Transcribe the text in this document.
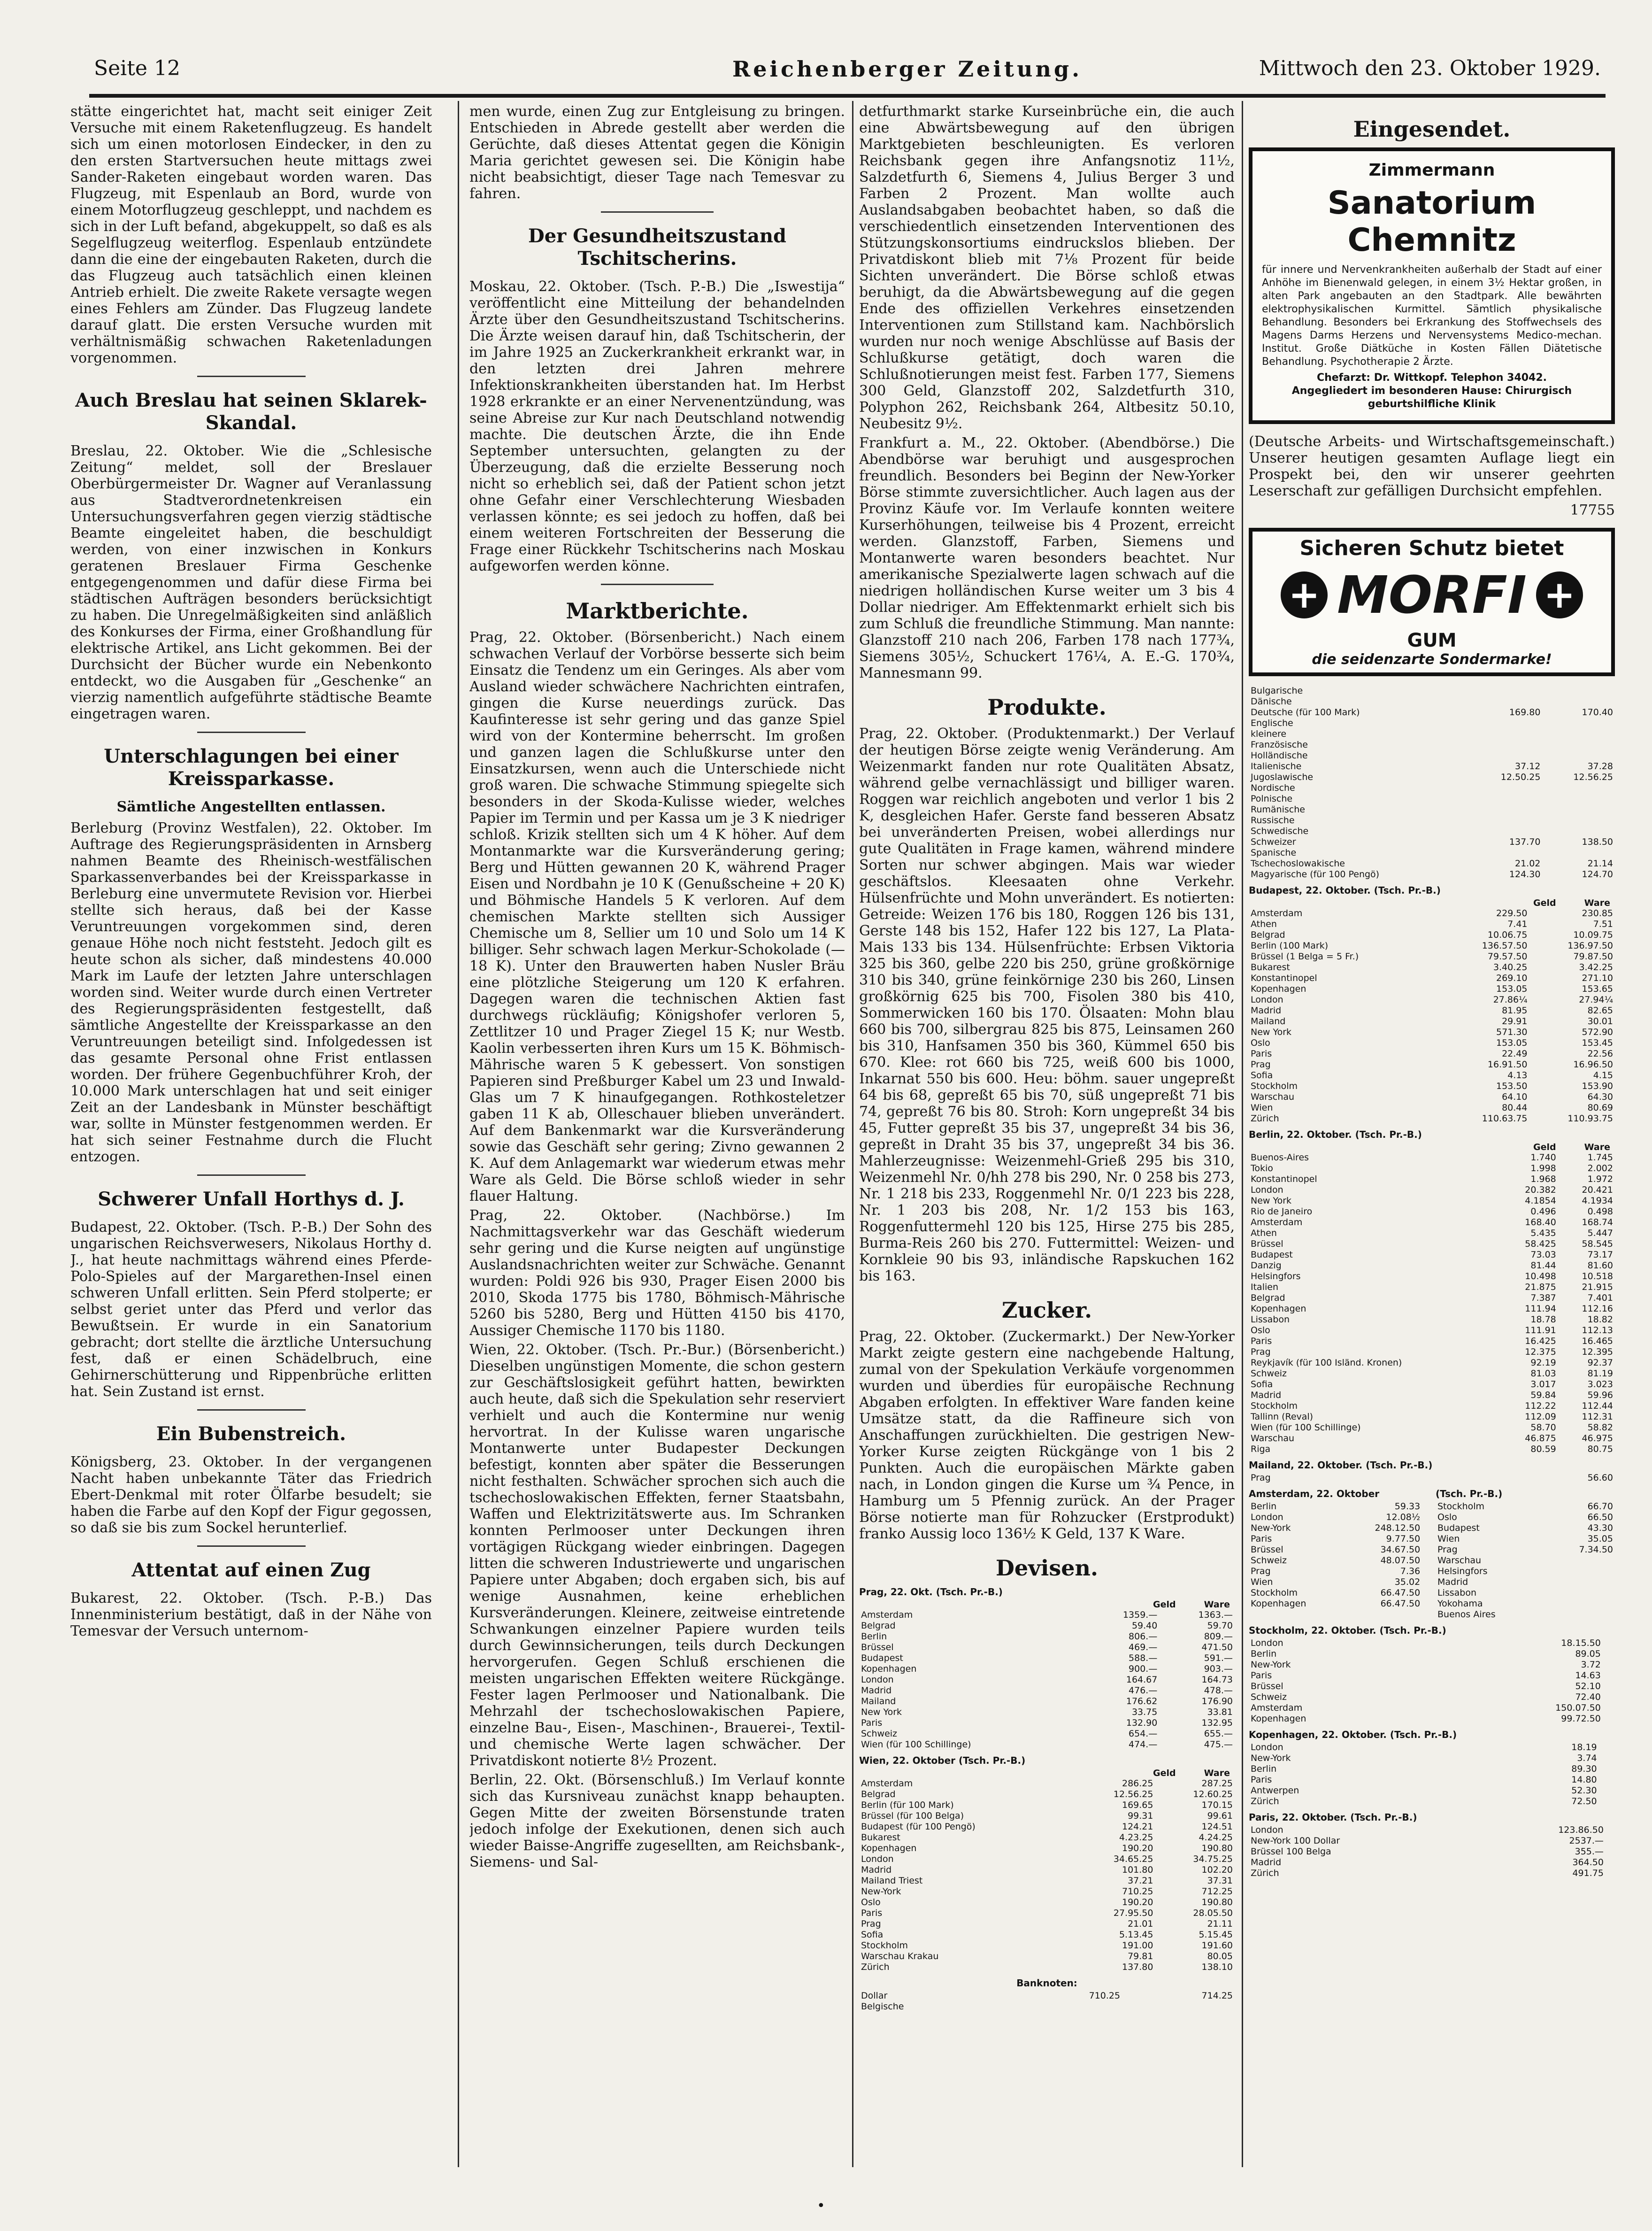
Seite 12	Reichenberger Zeitung.	Mittwoch den 23. Oktober 1929.

stätte eingerichtet hat, macht seit einiger Zeit Versuche mit einem Raketenflugzeug. Es handelt sich um einen motorlosen Eindecker, in den zu den ersten Startversuchen heute mittags zwei Sander-Raketen eingebaut worden waren. Das Flugzeug, mit Espenlaub an Bord, wurde von einem Motorflugzeug geschleppt, und nachdem es sich in der Luft befand, abgekuppelt, so daß es als Segelflugzeug weiterflog. Espenlaub entzündete dann die eine der eingebauten Raketen, durch die das Flugzeug auch tatsächlich einen kleinen Antrieb erhielt. Die zweite Rakete versagte wegen eines Fehlers am Zünder. Das Flugzeug landete darauf glatt. Die ersten Versuche wurden mit verhältnismäßig schwachen Raketenladungen vorgenommen.

Auch Breslau hat seinen Sklarek-Skandal.

Breslau, 22. Oktober. Wie die „Schlesische Zeitung“ meldet, soll der Breslauer Oberbürgermeister Dr. Wagner auf Veranlassung aus Stadtverordnetenkreisen ein Untersuchungsverfahren gegen vierzig städtische Beamte eingeleitet haben, die beschuldigt werden, von einer inzwischen in Konkurs geratenen Breslauer Firma Geschenke entgegengenommen und dafür diese Firma bei städtischen Aufträgen besonders berücksichtigt zu haben. Die Unregelmäßigkeiten sind anläßlich des Konkurses der Firma, einer Großhandlung für elektrische Artikel, ans Licht gekommen. Bei der Durchsicht der Bücher wurde ein Nebenkonto entdeckt, wo die Ausgaben für „Geschenke“ an vierzig namentlich aufgeführte städtische Beamte eingetragen waren.

Unterschlagungen bei einer Kreissparkasse.
Sämtliche Angestellten entlassen.

Berleburg (Provinz Westfalen), 22. Oktober. Im Auftrage des Regierungspräsidenten in Arnsberg nahmen Beamte des Rheinisch-westfälischen Sparkassenverbandes bei der Kreissparkasse in Berleburg eine unvermutete Revision vor. Hierbei stellte sich heraus, daß bei der Kasse Veruntreuungen vorgekommen sind, deren genaue Höhe noch nicht feststeht. Jedoch gilt es heute schon als sicher, daß mindestens 40.000 Mark im Laufe der letzten Jahre unterschlagen worden sind. Weiter wurde durch einen Vertreter des Regierungspräsidenten festgestellt, daß sämtliche Angestellte der Kreissparkasse an den Veruntreuungen beteiligt sind. Infolgedessen ist das gesamte Personal ohne Frist entlassen worden. Der frühere Gegenbuchführer Kroh, der 10.000 Mark unterschlagen hat und seit einiger Zeit an der Landesbank in Münster beschäftigt war, sollte in Münster festgenommen werden. Er hat sich seiner Festnahme durch die Flucht entzogen.

Schwerer Unfall Horthys d. J.

Budapest, 22. Oktober. (Tsch. P.-B.) Der Sohn des ungarischen Reichsverwesers, Nikolaus Horthy d. J., hat heute nachmittags während eines Pferde-Polo-Spieles auf der Margarethen-Insel einen schweren Unfall erlitten. Sein Pferd stolperte; er selbst geriet unter das Pferd und verlor das Bewußtsein. Er wurde in ein Sanatorium gebracht; dort stellte die ärztliche Untersuchung fest, daß er einen Schädelbruch, eine Gehirnerschütterung und Rippenbrüche erlitten hat. Sein Zustand ist ernst.

Ein Bubenstreich.

Königsberg, 23. Oktober. In der vergangenen Nacht haben unbekannte Täter das Friedrich Ebert-Denkmal mit roter Ölfarbe besudelt; sie haben die Farbe auf den Kopf der Figur gegossen, so daß sie bis zum Sockel herunterlief.

Attentat auf einen Zug

Bukarest, 22. Oktober. (Tsch. P.-B.) Das Innenministerium bestätigt, daß in der Nähe von Temesvar der Versuch unternom-

men wurde, einen Zug zur Entgleisung zu bringen. Entschieden in Abrede gestellt aber werden die Gerüchte, daß dieses Attentat gegen die Königin Maria gerichtet gewesen sei. Die Königin habe nicht beabsichtigt, dieser Tage nach Temesvar zu fahren.

Der Gesundheitszustand Tschitscherins.

Moskau, 22. Oktober. (Tsch. P.-B.) Die „Iswestija“ veröffentlicht eine Mitteilung der behandelnden Ärzte über den Gesundheitszustand Tschitscherins. Die Ärzte weisen darauf hin, daß Tschitscherin, der im Jahre 1925 an Zuckerkrankheit erkrankt war, in den letzten drei Jahren mehrere Infektionskrankheiten überstanden hat. Im Herbst 1928 erkrankte er an einer Nervenentzündung, was seine Abreise zur Kur nach Deutschland notwendig machte. Die deutschen Ärzte, die ihn Ende September untersuchten, gelangten zu der Überzeugung, daß die erzielte Besserung noch nicht so erheblich sei, daß der Patient schon jetzt ohne Gefahr einer Verschlechterung Wiesbaden verlassen könnte; es sei jedoch zu hoffen, daß bei einem weiteren Fortschreiten der Besserung die Frage einer Rückkehr Tschitscherins nach Moskau aufgeworfen werden könne.

Marktberichte.

Prag, 22. Oktober. (Börsenbericht.) Nach einem schwachen Verlauf der Vorbörse besserte sich beim Einsatz die Tendenz um ein Geringes. Als aber vom Ausland wieder schwächere Nachrichten eintrafen, gingen die Kurse neuerdings zurück. Das Kaufinteresse ist sehr gering und das ganze Spiel wird von der Kontermine beherrscht. Im großen und ganzen lagen die Schlußkurse unter den Einsatzkursen, wenn auch die Unterschiede nicht groß waren. Die schwache Stimmung spiegelte sich besonders in der Skoda-Kulisse wieder, welches Papier im Termin und per Kassa um je 3 K niedriger schloß. Krizik stellten sich um 4 K höher. Auf dem Montanmarkte war die Kursveränderung gering; Berg und Hütten gewannen 20 K, während Prager Eisen und Nordbahn je 10 K (Genußscheine + 20 K) und Böhmische Handels 5 K verloren. Auf dem chemischen Markte stellten sich Aussiger Chemische um 8, Sellier um 10 und Solo um 14 K billiger. Sehr schwach lagen Merkur-Schokolade (— 18 K). Unter den Brauwerten haben Nusler Bräu eine plötzliche Steigerung um 120 K erfahren. Dagegen waren die technischen Aktien fast durchwegs rückläufig; Königshofer verloren 5, Zettlitzer 10 und Prager Ziegel 15 K; nur Westb. Kaolin verbesserten ihren Kurs um 15 K. Böhmisch-Mährische waren 5 K gebessert. Von sonstigen Papieren sind Preßburger Kabel um 23 und Inwald-Glas um 7 K hinaufgegangen. Rothkosteletzer gaben 11 K ab, Olleschauer blieben unverändert. Auf dem Bankenmarkt war die Kursveränderung sowie das Geschäft sehr gering; Zivno gewannen 2 K. Auf dem Anlagemarkt war wiederum etwas mehr Ware als Geld. Die Börse schloß wieder in sehr flauer Haltung.

Prag, 22. Oktober. (Nachbörse.) Im Nachmittagsverkehr war das Geschäft wiederum sehr gering und die Kurse neigten auf ungünstige Auslandsnachrichten weiter zur Schwäche. Genannt wurden: Poldi 926 bis 930, Prager Eisen 2000 bis 2010, Skoda 1775 bis 1780, Böhmisch-Mährische 5260 bis 5280, Berg und Hütten 4150 bis 4170, Aussiger Chemische 1170 bis 1180.

Wien, 22. Oktober. (Tsch. Pr.-Bur.) (Börsenbericht.) Dieselben ungünstigen Momente, die schon gestern zur Geschäftslosigkeit geführt hatten, bewirkten auch heute, daß sich die Spekulation sehr reserviert verhielt und auch die Kontermine nur wenig hervortrat. In der Kulisse waren ungarische Montanwerte unter Budapester Deckungen befestigt, konnten aber später die Besserungen nicht festhalten. Schwächer sprochen sich auch die tschechoslowakischen Effekten, ferner Staatsbahn, Waffen und Elektrizitätswerte aus. Im Schranken konnten Perlmooser unter Deckungen ihren vortägigen Rückgang wieder einbringen. Dagegen litten die schweren Industriewerte und ungarischen Papiere unter Abgaben; doch ergaben sich, bis auf wenige Ausnahmen, keine erheblichen Kursveränderungen. Kleinere, zeitweise eintretende Schwankungen einzelner Papiere wurden teils durch Gewinnsicherungen, teils durch Deckungen hervorgerufen. Gegen Schluß erschienen die meisten ungarischen Effekten weitere Rückgänge. Fester lagen Perlmooser und Nationalbank. Die Mehrzahl der tschechoslowakischen Papiere, einzelne Bau-, Eisen-, Maschinen-, Brauerei-, Textil- und chemische Werte lagen schwächer. Der Privatdiskont notierte 8½ Prozent.

Berlin, 22. Okt. (Börsenschluß.) Im Verlauf konnte sich das Kursniveau zunächst knapp behaupten. Gegen Mitte der zweiten Börsenstunde traten jedoch infolge der Exekutionen, denen sich auch wieder Baisse-Angriffe zugesellten, am Reichsbank-, Siemens- und Sal-

detfurthmarkt starke Kurseinbrüche ein, die auch eine Abwärtsbewegung auf den übrigen Marktgebieten beschleunigten. Es verloren Reichsbank gegen ihre Anfangsnotiz 11½, Salzdetfurth 6, Siemens 4, Julius Berger 3 und Farben 2 Prozent. Man wollte auch Auslandsabgaben beobachtet haben, so daß die verschiedentlich einsetzenden Interventionen des Stützungskonsortiums eindruckslos blieben. Der Privatdiskont blieb mit 7⅛ Prozent für beide Sichten unverändert. Die Börse schloß etwas beruhigt, da die Abwärtsbewegung auf die gegen Ende des offiziellen Verkehres einsetzenden Interventionen zum Stillstand kam. Nachbörslich wurden nur noch wenige Abschlüsse auf Basis der Schlußkurse getätigt, doch waren die Schlußnotierungen meist fest. Farben 177, Siemens 300 Geld, Glanzstoff 202, Salzdetfurth 310, Polyphon 262, Reichsbank 264, Altbesitz 50.10, Neubesitz 9½.

Frankfurt a. M., 22. Oktober. (Abendbörse.) Die Abendbörse war beruhigt und ausgesprochen freundlich. Besonders bei Beginn der New-Yorker Börse stimmte zuversichtlicher. Auch lagen aus der Provinz Käufe vor. Im Verlaufe konnten weitere Kurserhöhungen, teilweise bis 4 Prozent, erreicht werden. Glanzstoff, Farben, Siemens und Montanwerte waren besonders beachtet. Nur amerikanische Spezialwerte lagen schwach auf die niedrigen holländischen Kurse weiter um 3 bis 4 Dollar niedriger. Am Effektenmarkt erhielt sich bis zum Schluß die freundliche Stimmung. Man nannte: Glanzstoff 210 nach 206, Farben 178 nach 177¾, Siemens 305½, Schuckert 176¼, A. E.-G. 170¾, Mannesmann 99.

Produkte.

Prag, 22. Oktober. (Produktenmarkt.) Der Verlauf der heutigen Börse zeigte wenig Veränderung. Am Weizenmarkt fanden nur rote Qualitäten Absatz, während gelbe vernachlässigt und billiger waren. Roggen war reichlich angeboten und verlor 1 bis 2 K, desgleichen Hafer. Gerste fand besseren Absatz bei unveränderten Preisen, wobei allerdings nur gute Qualitäten in Frage kamen, während mindere Sorten nur schwer abgingen. Mais war wieder geschäftslos. Kleesaaten ohne Verkehr. Hülsenfrüchte und Mohn unverändert. Es notierten: Getreide: Weizen 176 bis 180, Roggen 126 bis 131, Gerste 148 bis 152, Hafer 122 bis 127, La Plata-Mais 133 bis 134. Hülsenfrüchte: Erbsen Viktoria 325 bis 360, gelbe 220 bis 250, grüne großkörnige 310 bis 340, grüne feinkörnige 230 bis 260, Linsen großkörnig 625 bis 700, Fisolen 380 bis 410, Sommerwicken 160 bis 170. Ölsaaten: Mohn blau 660 bis 700, silbergrau 825 bis 875, Leinsamen 260 bis 310, Hanfsamen 350 bis 360, Kümmel 650 bis 670. Klee: rot 660 bis 725, weiß 600 bis 1000, Inkarnat 550 bis 600. Heu: böhm. sauer ungepreßt 64 bis 68, gepreßt 65 bis 70, süß ungepreßt 71 bis 74, gepreßt 76 bis 80. Stroh: Korn ungepreßt 34 bis 45, Futter gepreßt 35 bis 37, ungepreßt 34 bis 36, gepreßt in Draht 35 bis 37, ungepreßt 34 bis 36. Mahlerzeugnisse: Weizenmehl-Grieß 295 bis 310, Weizenmehl Nr. 0/hh 278 bis 290, Nr. 0 258 bis 273, Nr. 1 218 bis 233, Roggenmehl Nr. 0/1 223 bis 228, Nr. 1 203 bis 208, Nr. 1/2 153 bis 163, Roggenfuttermehl 120 bis 125, Hirse 275 bis 285, Burma-Reis 260 bis 270. Futtermittel: Weizen- und Kornkleie 90 bis 93, inländische Rapskuchen 162 bis 163.

Zucker.

Prag, 22. Oktober. (Zuckermarkt.) Der New-Yorker Markt zeigte gestern eine nachgebende Haltung, zumal von der Spekulation Verkäufe vorgenommen wurden und überdies für europäische Rechnung Abgaben erfolgten. In effektiver Ware fanden keine Umsätze statt, da die Raffineure sich von Anschaffungen zurückhielten. Die gestrigen New-Yorker Kurse zeigten Rückgänge von 1 bis 2 Punkten. Auch die europäischen Märkte gaben nach, in London gingen die Kurse um ¾ Pence, in Hamburg um 5 Pfennig zurück. An der Prager Börse notierte man für Rohzucker (Erstprodukt) franko Aussig loco 136½ K Geld, 137 K Ware.

Devisen.
Prag, 22. Okt. (Tsch. Pr.-B.)
Geld	Ware
Amsterdam	1359.—	1363.—
Belgrad	59.40	59.70
Berlin	806.—	809.—
Brüssel	469.—	471.50
Budapest	588.—	591.—
Kopenhagen	900.—	903.—
London	164.67	164.73
Madrid	476.—	478.—
Mailand	176.62	176.90
New York	33.75	33.81
Paris	132.90	132.95
Schweiz	654.—	655.—
Wien (für 100 Schillinge)	474.—	475.—
Wien, 22. Oktober (Tsch. Pr.-B.)
Geld	Ware
Amsterdam	286.25	287.25
Belgrad	12.56.25	12.60.25
Berlin (für 100 Mark)	169.65	170.15
Brüssel (für 100 Belga)	99.31	99.61
Budapest (für 100 Pengö)	124.21	124.51
Bukarest	4.23.25	4.24.25
Kopenhagen	190.20	190.80
London	34.65.25	34.75.25
Madrid	101.80	102.20
Mailand Triest	37.21	37.31
New-York	710.25	712.25
Oslo	190.20	190.80
Paris	27.95.50	28.05.50
Prag	21.01	21.11
Sofia	5.13.45	5.15.45
Stockholm	191.00	191.60
Warschau Krakau	79.81	80.05
Zürich	137.80	138.10
Banknoten:
Dollar	710.25	714.25
Belgische		
Eingesendet.
Zimmermann
Sanatorium Chemnitz
für innere und Nervenkrankheiten außerhalb der Stadt auf einer Anhöhe im Bienenwald gelegen, in einem 3½ Hektar großen, in alten Park angebauten an den Stadtpark. Alle bewährten elektrophysikalischen Kurmittel. Sämtlich physikalische Behandlung. Besonders bei Erkrankung des Stoffwechsels des Magens Darms Herzens und Nervensystems Medico-mechan. Institut. Große Diätküche in Kosten Fällen Diätetische Behandlung. Psychotherapie 2 Ärzte.
Chefarzt: Dr. Wittkopf. Telephon 34042.
Angegliedert im besonderen Hause: Chirurgisch geburtshilfliche Klinik

(Deutsche Arbeits- und Wirtschaftsgemeinschaft.) Unserer heutigen gesamten Auflage liegt ein Prospekt bei, den wir unserer geehrten Leserschaft zur gefälligen Durchsicht empfehlen.

17755

Sicheren Schutz bietet
+ MORFI +
GUM
die seidenzarte Sondermarke!
Bulgarische		
Dänische		
Deutsche (für 100 Mark)	169.80	170.40
Englische		
kleinere		
Französische		
Holländische		
Italienische	37.12	37.28
Jugoslawische	12.50.25	12.56.25
Nordische		
Polnische		
Rumänische		
Russische		
Schwedische		
Schweizer	137.70	138.50
Spanische		
Tschechoslowakische	21.02	21.14
Magyarische (für 100 Pengö)	124.30	124.70
Budapest, 22. Oktober. (Tsch. Pr.-B.)
Geld	Ware
Amsterdam	229.50	230.85
Athen	7.41	7.51
Belgrad	10.06.75	10.09.75
Berlin (100 Mark)	136.57.50	136.97.50
Brüssel (1 Belga = 5 Fr.)	79.57.50	79.87.50
Bukarest	3.40.25	3.42.25
Konstantinopel	269.10	271.10
Kopenhagen	153.05	153.65
London	27.86¼	27.94¼
Madrid	81.95	82.65
Mailand	29.91	30.01
New York	571.30	572.90
Oslo	153.05	153.45
Paris	22.49	22.56
Prag	16.91.50	16.96.50
Sofia	4.13	4.15
Stockholm	153.50	153.90
Warschau	64.10	64.30
Wien	80.44	80.69
Zürich	110.63.75	110.93.75
Berlin, 22. Oktober. (Tsch. Pr.-B.)
Geld	Ware
Buenos-Aires	1.740	1.745
Tokio	1.998	2.002
Konstantinopel	1.968	1.972
London	20.382	20.421
New York	4.1854	4.1934
Rio de Janeiro	0.496	0.498
Amsterdam	168.40	168.74
Athen	5.435	5.447
Brüssel	58.425	58.545
Budapest	73.03	73.17
Danzig	81.44	81.60
Helsingfors	10.498	10.518
Italien	21.875	21.915
Belgrad	7.387	7.401
Kopenhagen	111.94	112.16
Lissabon	18.78	18.82
Oslo	111.91	112.13
Paris	16.425	16.465
Prag	12.375	12.395
Reykjavík (für 100 Isländ. Kronen)	92.19	92.37
Schweiz	81.03	81.19
Sofia	3.017	3.023
Madrid	59.84	59.96
Stockholm	112.22	112.44
Tallinn (Reval)	112.09	112.31
Wien (für 100 Schillinge)	58.70	58.82
Warschau	46.875	46.975
Riga	80.59	80.75
Mailand, 22. Oktober. (Tsch. Pr.-B.)
Prag		56.60
Amsterdam, 22. Oktober
Berlin	59.33	
London	12.08½	
New-York	248.12.50	
Paris	9.77.50	
Brüssel	34.67.50	
Schweiz	48.07.50	
Prag	7.36	
Wien	35.02	
Stockholm	66.47.50	
Kopenhagen	66.47.50	
(Tsch. Pr.-B.)
Stockholm		66.70
Oslo		66.50
Budapest		43.30
Wien		35.05
Prag		7.34.50
Warschau		
Helsingfors		
Madrid		
Lissabon		
Yokohama		
Buenos Aires		
Stockholm, 22. Oktober. (Tsch. Pr.-B.)
London	18.15.50	
Berlin	89.05	
New-York	3.72	
Paris	14.63	
Brüssel	52.10	
Schweiz	72.40	
Amsterdam	150.07.50	
Kopenhagen	99.72.50	
Kopenhagen, 22. Oktober. (Tsch. Pr.-B.)
London	18.19	
New-York	3.74	
Berlin	89.30	
Paris	14.80	
Antwerpen	52.30	
Zürich	72.50	
Paris, 22. Oktober. (Tsch. Pr.-B.)
London	123.86.50	
New-York 100 Dollar	2537.—	
Brüssel 100 Belga	355.—	
Madrid	364.50	
Zürich	491.75	
•
